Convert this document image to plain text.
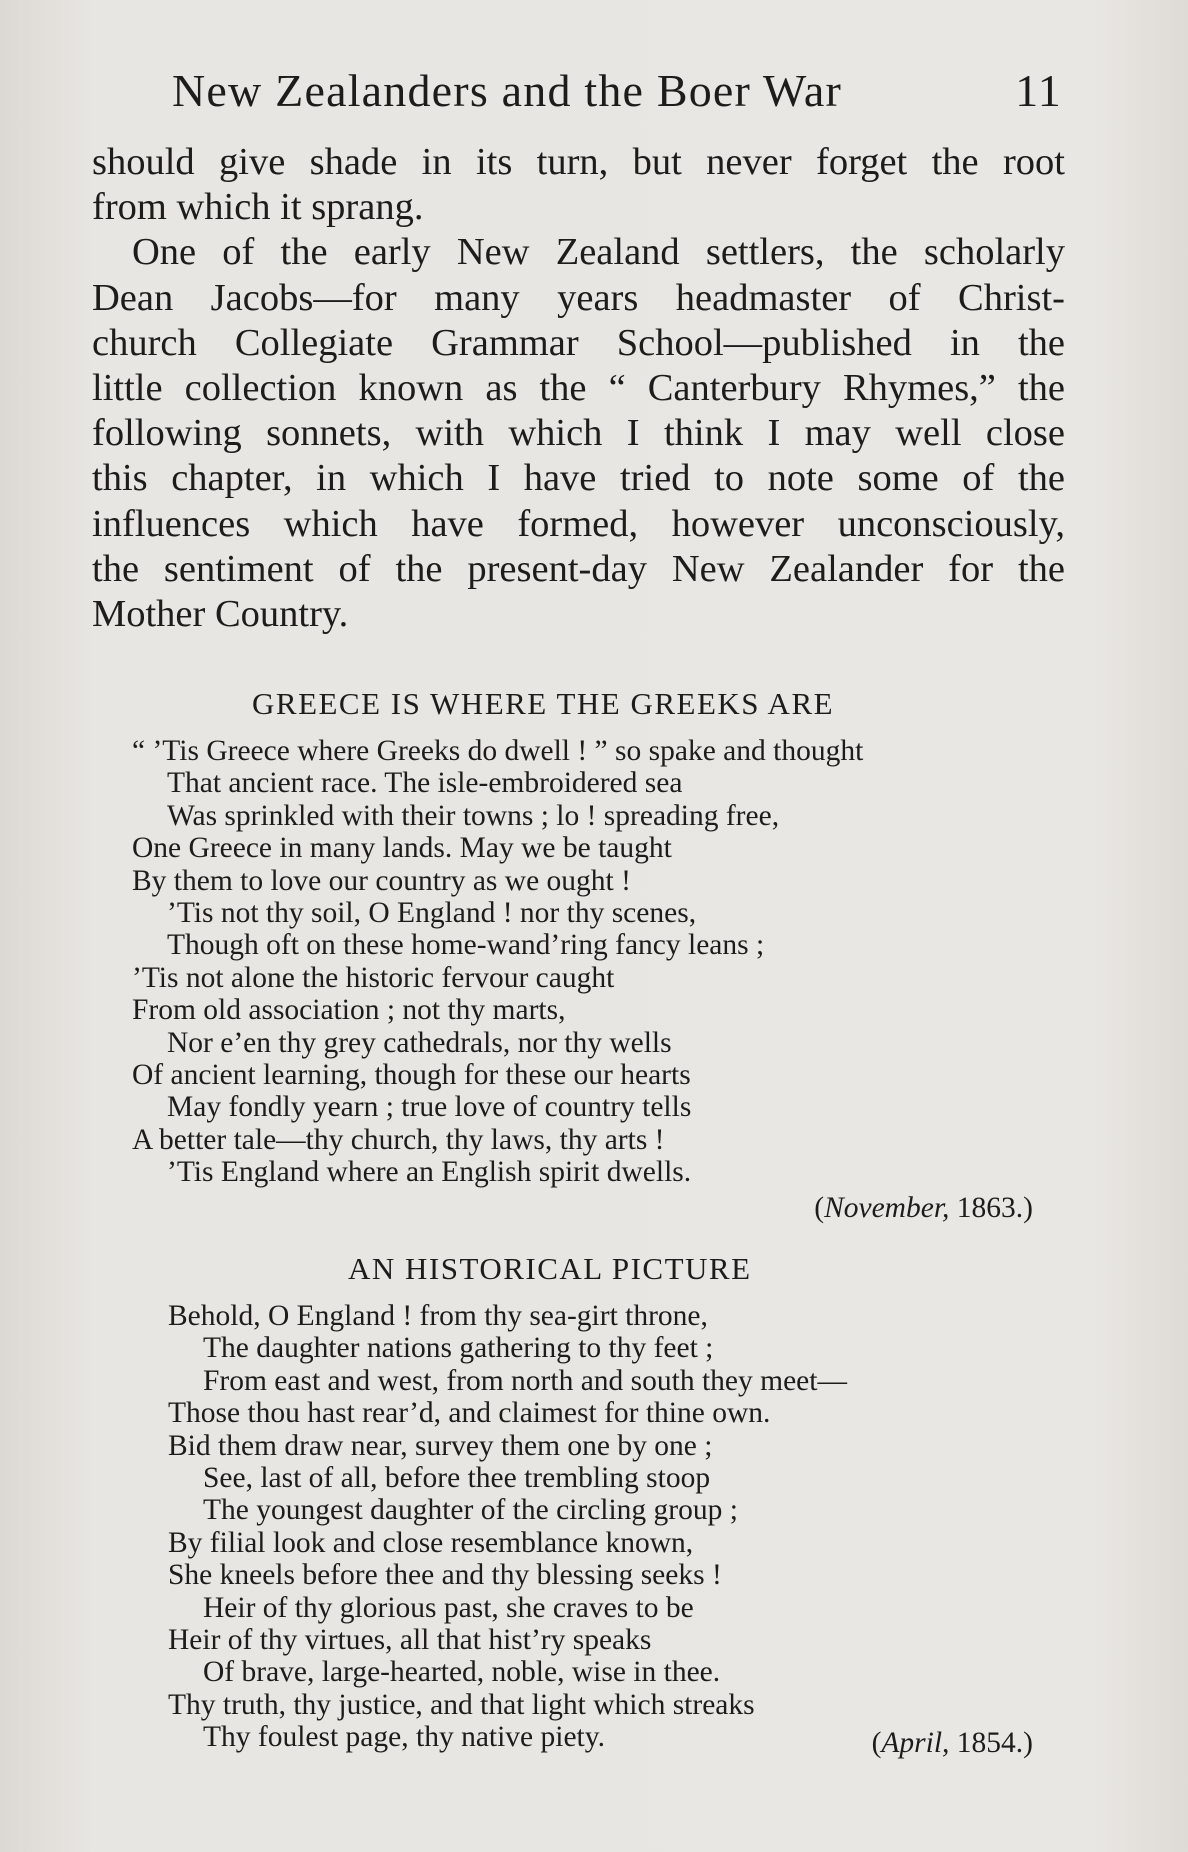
New Zealanders and the Boer War	11
should give shade in its turn, but never forget the root
from which it sprang.
One of the early New Zealand settlers, the scholarly
Dean Jacobs—for many years headmaster of Christ-
church Collegiate Grammar School—published in the
little collection known as the “ Canterbury Rhymes,” the
following sonnets, with which I think I may well close
this chapter, in which I have tried to note some of the
influences which have formed, however unconsciously,
the sentiment of the present-day New Zealander for the
Mother Country.
GREECE IS WHERE THE GREEKS ARE
“ ’Tis Greece where Greeks do dwell ! ” so spake and thought
That ancient race. The isle-embroidered sea
Was sprinkled with their towns ; lo ! spreading free,
One Greece in many lands. May we be taught
By them to love our country as we ought !
’Tis not thy soil, O England ! nor thy scenes,
Though oft on these home-wand’ring fancy leans ;
’Tis not alone the historic fervour caught
From old association ; not thy marts,
Nor e’en thy grey cathedrals, nor thy wells
Of ancient learning, though for these our hearts
May fondly yearn ; true love of country tells
A better tale—thy church, thy laws, thy arts !
’Tis England where an English spirit dwells.
(November, 1863.)
AN HISTORICAL PICTURE
Behold, O England ! from thy sea-girt throne,
The daughter nations gathering to thy feet ;
From east and west, from north and south they meet—
Those thou hast rear’d, and claimest for thine own.
Bid them draw near, survey them one by one ;
See, last of all, before thee trembling stoop
The youngest daughter of the circling group ;
By filial look and close resemblance known,
She kneels before thee and thy blessing seeks !
Heir of thy glorious past, she craves to be
Heir of thy virtues, all that hist’ry speaks
Of brave, large-hearted, noble, wise in thee.
Thy truth, thy justice, and that light which streaks
Thy foulest page, thy native piety.	(April, 1854.)
